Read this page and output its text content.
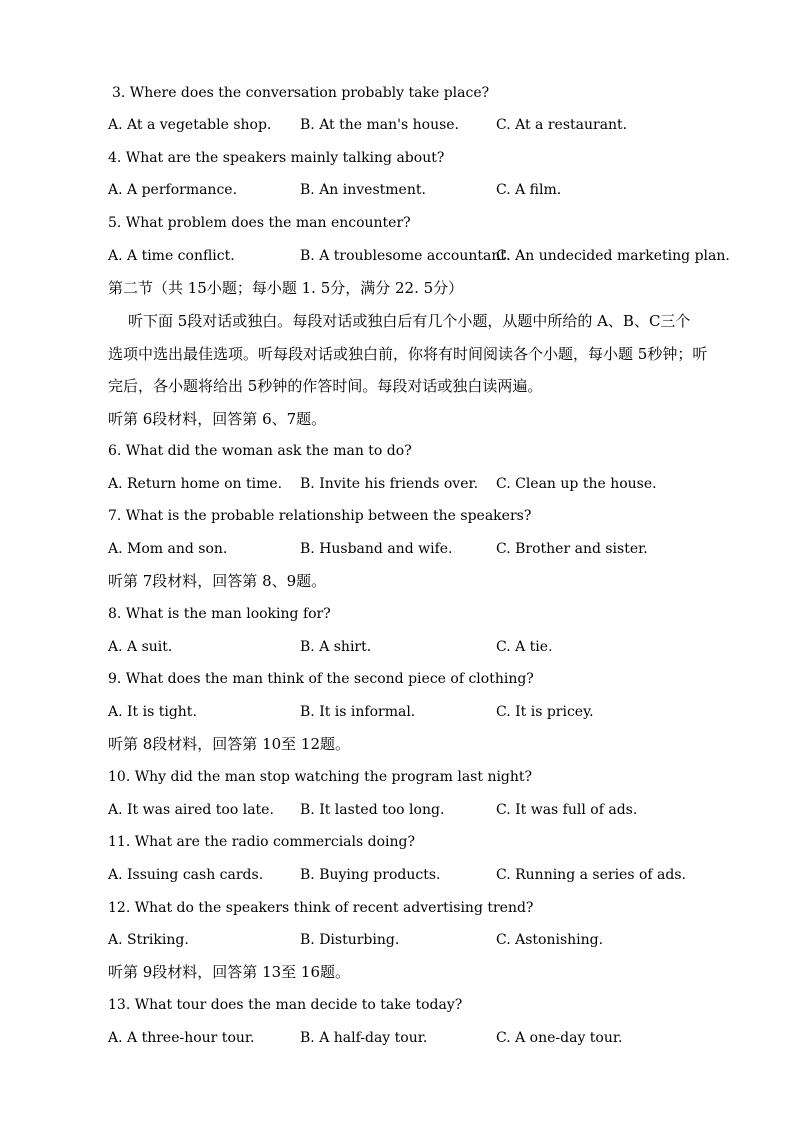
3. Where does the conversation probably take place?
A. At a vegetable shop. B. At the man's house.	C. At a restaurant.
4. What are the speakers mainly talking about?
A. A performance.	B. An investment.	C. A film.
5. What problem does the man encounter?
A. A time conflict.	B. A troublesome accountant.
C. An undecided marketing plan.
第二节（共 15小题；每小题 1. 5分，满分 22. 5分）
听下面 5段对话或独白。每段对话或独白后有几个小题，从题中所给的 A、B、C三个
选项中选出最佳选项。听每段对话或独白前，你将有时间阅读各个小题，每小题 5秒钟；听
完后，各小题将给出 5秒钟的作答时间。每段对话或独白读两遍。
听第 6段材料，回答第 6、7题。
6. What did the woman ask the man to do?
A. Return home on time. B. Invite his friends over. C. Clean up the house.
7. What is the probable relationship between the speakers?
A. Mom and son.	B. Husband and wife.	C. Brother and sister.
听第 7段材料，回答第 8、9题。
8. What is the man looking for?
A. A suit.	B. A shirt.	C. A tie.
9. What does the man think of the second piece of clothing?
A. It is tight.	B. It is informal.	C. It is pricey.
听第 8段材料，回答第 10至 12题。
10. Why did the man stop watching the program last night?
A. It was aired too late. B. It lasted too long.	C. It was full of ads.
11. What are the radio commercials doing?
A. Issuing cash cards.	B. Buying products.	C. Running a series of ads.
12. What do the speakers think of recent advertising trend?
A. Striking.	B. Disturbing.	C. Astonishing.
听第 9段材料，回答第 13至 16题。
13. What tour does the man decide to take today?
A. A three-hour tour.	B. A half-day tour.	C. A one-day tour.
